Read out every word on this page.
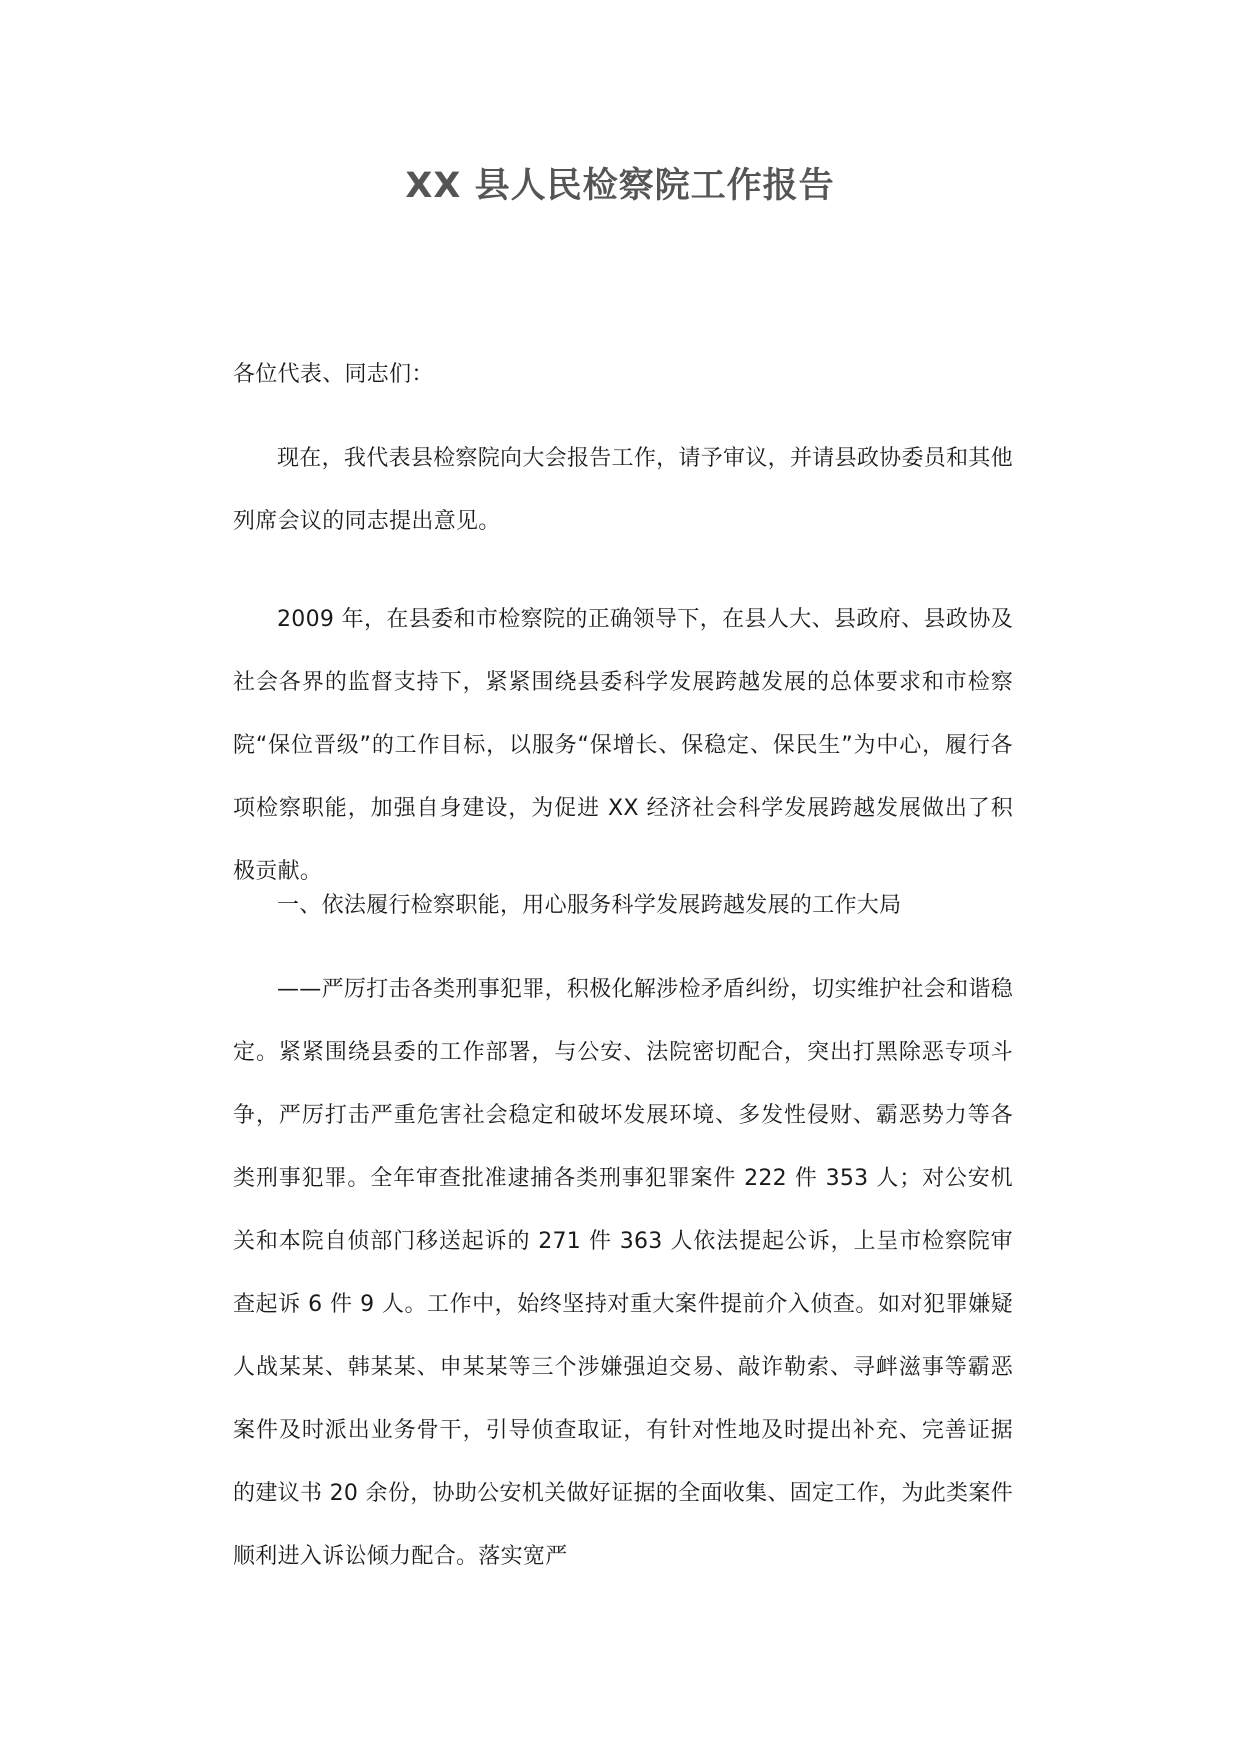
XX 县人民检察院工作报告

各位代表、同志们：

现在，我代表县检察院向大会报告工作，请予审议，并请县政协委员和其他列席会议的同志提出意见。

2009 年，在县委和市检察院的正确领导下，在县人大、县政府、县政协及社会各界的监督支持下，紧紧围绕县委科学发展跨越发展的总体要求和市检察院“保位晋级”的工作目标，以服务“保增长、保稳定、保民生”为中心，履行各项检察职能，加强自身建设，为促进 XX 经济社会科学发展跨越发展做出了积极贡献。

一、依法履行检察职能，用心服务科学发展跨越发展的工作大局

——严厉打击各类刑事犯罪，积极化解涉检矛盾纠纷，切实维护社会和谐稳定。紧紧围绕县委的工作部署，与公安、法院密切配合，突出打黑除恶专项斗争，严厉打击严重危害社会稳定和破坏发展环境、多发性侵财、霸恶势力等各类刑事犯罪。全年审查批准逮捕各类刑事犯罪案件 222 件 353 人；对公安机关和本院自侦部门移送起诉的 271 件 363 人依法提起公诉，上呈市检察院审查起诉 6 件 9 人。工作中，始终坚持对重大案件提前介入侦查。如对犯罪嫌疑人战某某、韩某某、申某某等三个涉嫌强迫交易、敲诈勒索、寻衅滋事等霸恶案件及时派出业务骨干，引导侦查取证，有针对性地及时提出补充、完善证据的建议书 20 余份，协助公安机关做好证据的全面收集、固定工作，为此类案件顺利进入诉讼倾力配合。落实宽严
